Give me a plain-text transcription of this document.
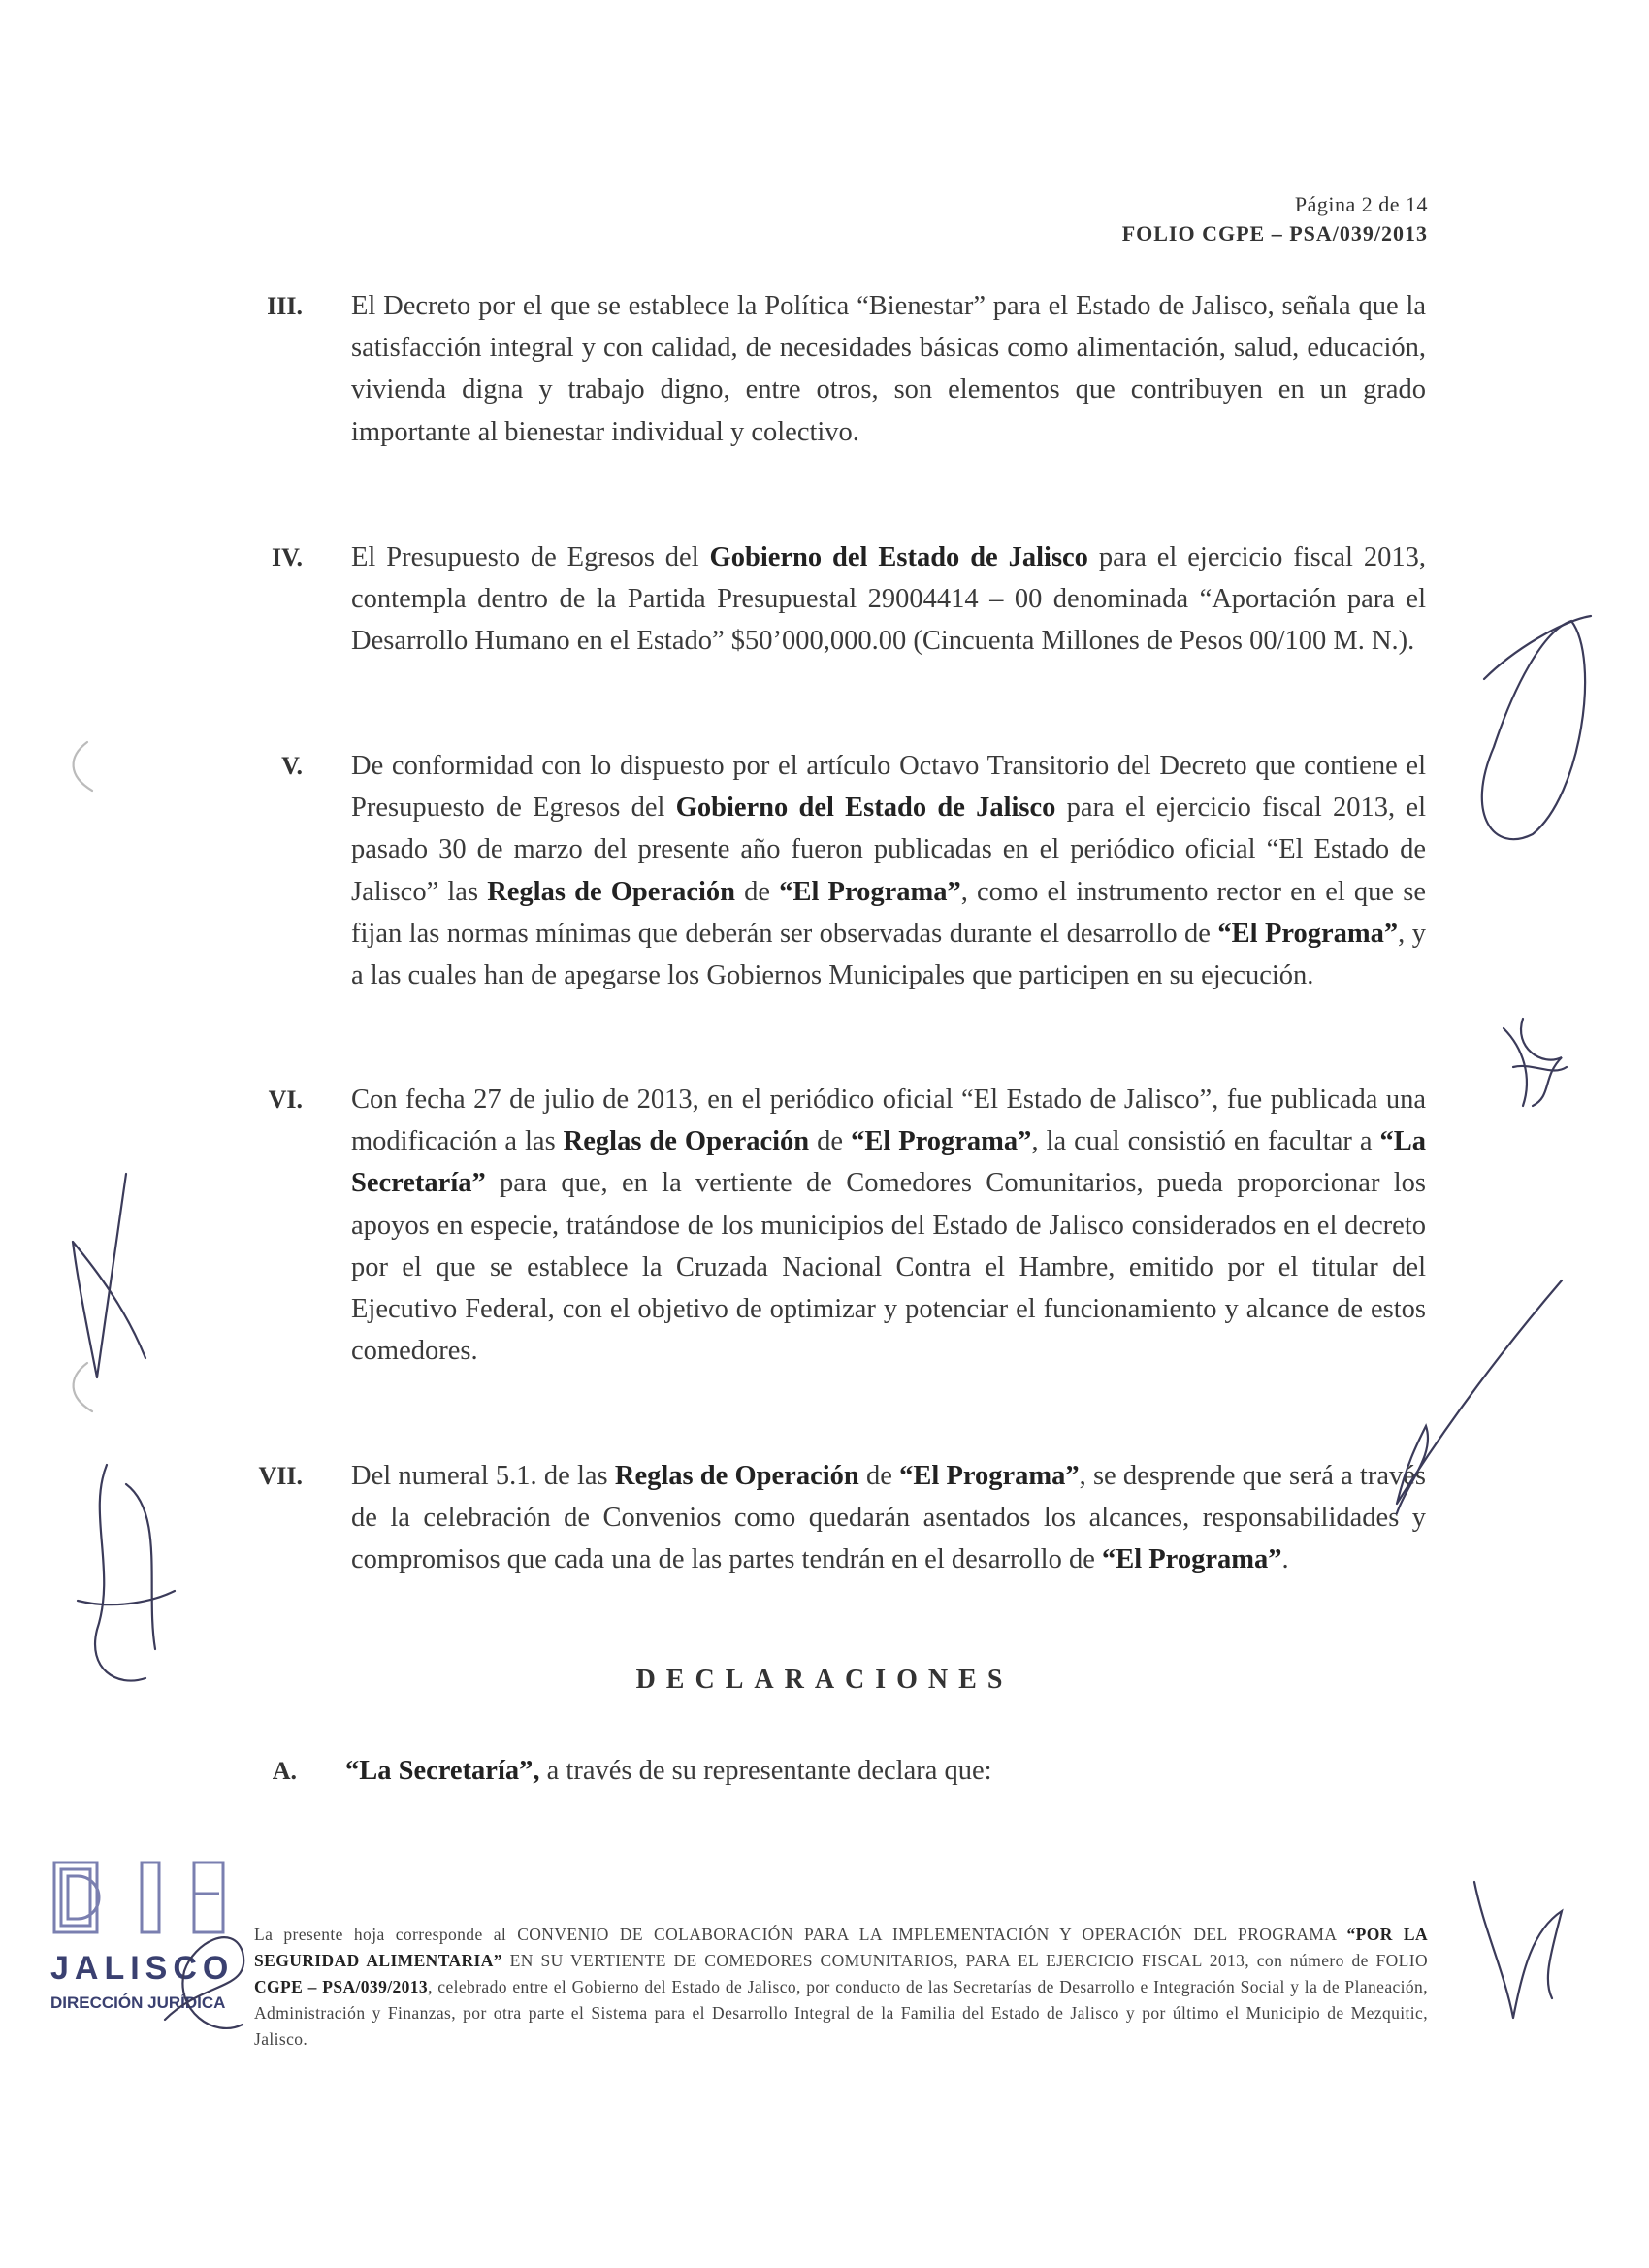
Página 2 de 14
FOLIO CGPE – PSA/039/2013
III. El Decreto por el que se establece la Política “Bienestar” para el Estado de Jalisco, señala que la satisfacción integral y con calidad, de necesidades básicas como alimentación, salud, educación, vivienda digna y trabajo digno, entre otros, son elementos que contribuyen en un grado importante al bienestar individual y colectivo.
IV. El Presupuesto de Egresos del Gobierno del Estado de Jalisco para el ejercicio fiscal 2013, contempla dentro de la Partida Presupuestal 29004414 – 00 denominada “Aportación para el Desarrollo Humano en el Estado” $50’000,000.00 (Cincuenta Millones de Pesos 00/100 M. N.).
V. De conformidad con lo dispuesto por el artículo Octavo Transitorio del Decreto que contiene el Presupuesto de Egresos del Gobierno del Estado de Jalisco para el ejercicio fiscal 2013, el pasado 30 de marzo del presente año fueron publicadas en el periódico oficial “El Estado de Jalisco” las Reglas de Operación de “El Programa”, como el instrumento rector en el que se fijan las normas mínimas que deberán ser observadas durante el desarrollo de “El Programa”, y a las cuales han de apegarse los Gobiernos Municipales que participen en su ejecución.
VI. Con fecha 27 de julio de 2013, en el periódico oficial “El Estado de Jalisco”, fue publicada una modificación a las Reglas de Operación de “El Programa”, la cual consistió en facultar a “La Secretaría” para que, en la vertiente de Comedores Comunitarios, pueda proporcionar los apoyos en especie, tratándose de los municipios del Estado de Jalisco considerados en el decreto por el que se establece la Cruzada Nacional Contra el Hambre, emitido por el titular del Ejecutivo Federal, con el objetivo de optimizar y potenciar el funcionamiento y alcance de estos comedores.
VII. Del numeral 5.1. de las Reglas de Operación de “El Programa”, se desprende que será a través de la celebración de Convenios como quedarán asentados los alcances, responsabilidades y compromisos que cada una de las partes tendrán en el desarrollo de “El Programa”.
DECLARACIONES
A. “La Secretaría”, a través de su representante declara que:
La presente hoja corresponde al CONVENIO DE COLABORACIÓN PARA LA IMPLEMENTACIÓN Y OPERACIÓN DEL PROGRAMA “POR LA SEGURIDAD ALIMENTARIA” EN SU VERTIENTE DE COMEDORES COMUNITARIOS, PARA EL EJERCICIO FISCAL 2013, con número de FOLIO CGPE – PSA/039/2013, celebrado entre el Gobierno del Estado de Jalisco, por conducto de las Secretarías de Desarrollo e Integración Social y la de Planeación, Administración y Finanzas, por otra parte el Sistema para el Desarrollo Integral de la Familia del Estado de Jalisco y por último el Municipio de Mezquitic, Jalisco.
JALISCO
DIRECCIÓN JURÍDICA
